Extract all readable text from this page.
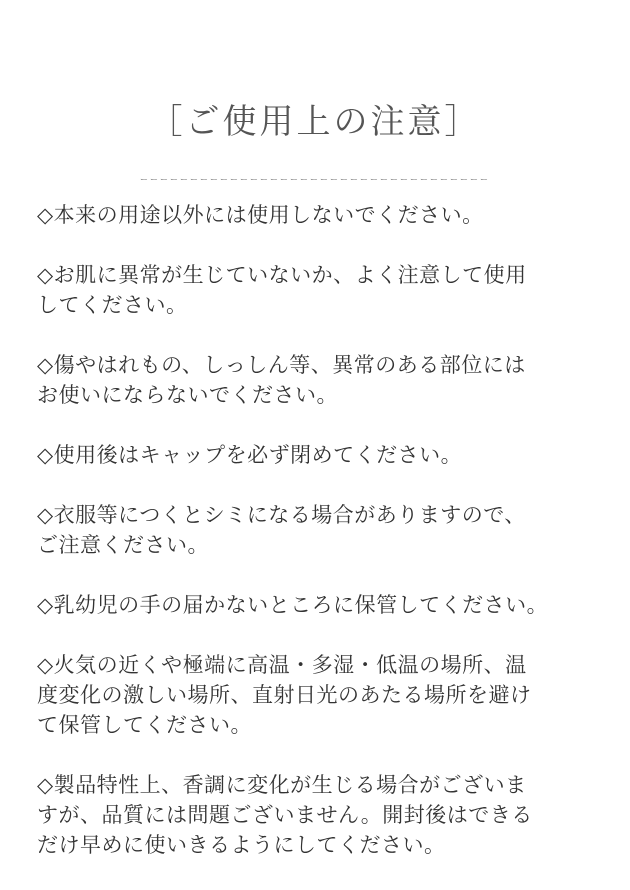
［ご使用上の注意］
ーーーーーーーーーーーーーーーーーーーーーーーーーーーーーーーーーーー
◇本来の用途以外には使用しないでください。
◇お肌に異常が生じていないか、よく注意して使用
してください。
◇傷やはれもの、しっしん等、異常のある部位には
お使いにならないでください。
◇使用後はキャップを必ず閉めてください。
◇衣服等につくとシミになる場合がありますので、
ご注意ください。
◇乳幼児の手の届かないところに保管してください。
◇火気の近くや極端に高温・多湿・低温の場所、温
度変化の激しい場所、直射日光のあたる場所を避け
て保管してください。
◇製品特性上、香調に変化が生じる場合がございま
すが、品質には問題ございません。開封後はできる
だけ早めに使いきるようにしてください。
